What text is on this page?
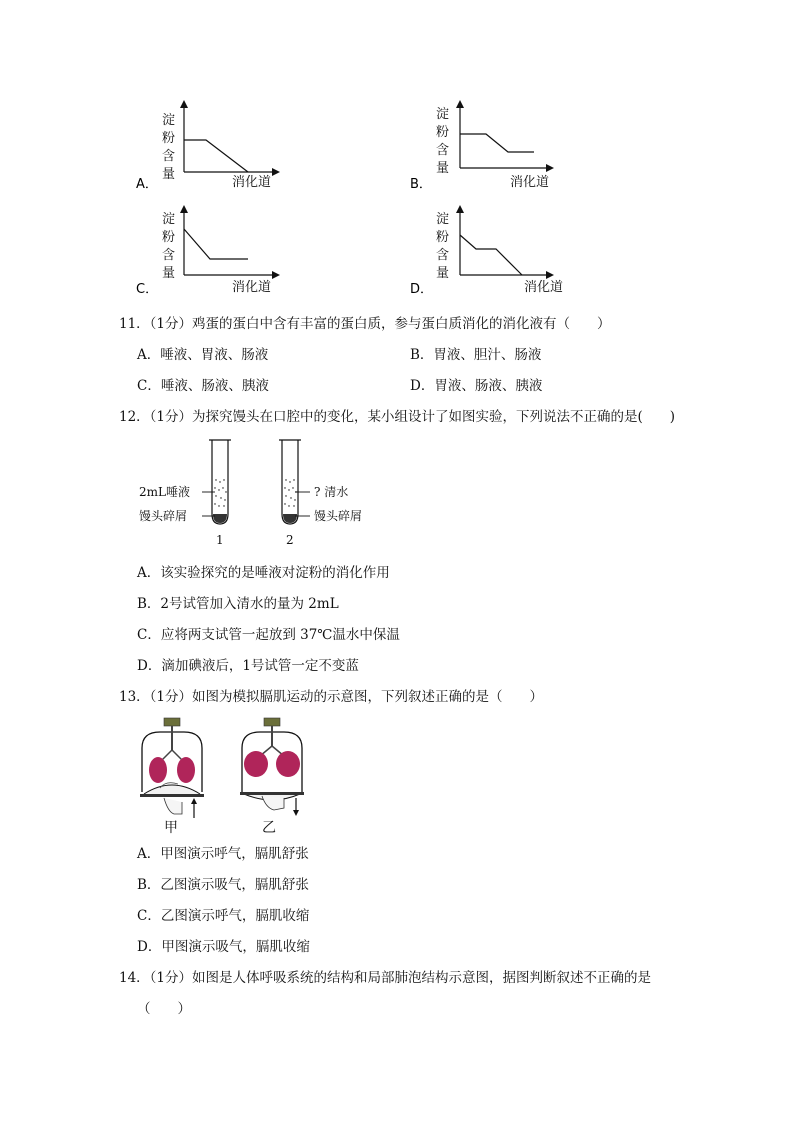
淀
粉
含
量
消化道
A．
淀
粉
含
量
消化道
B．
淀
粉
含
量
消化道
C．
淀
粉
含
量
消化道
D．
11．（1分）鸡蛋的蛋白中含有丰富的蛋白质，参与蛋白质消化的消化液有（　　）
A．唾液、胃液、肠液	B．胃液、胆汁、肠液
C．唾液、肠液、胰液	D．胃液、肠液、胰液
12．（1分）为探究馒头在口腔中的变化，某小组设计了如图实验，下列说法不正确的是(　　)
2mL唾液
馒头碎屑
? 清水
馒头碎屑
1	2
A．该实验探究的是唾液对淀粉的消化作用
B．2号试管加入清水的量为 2mL
C．应将两支试管一起放到 37℃温水中保温
D．滴加碘液后，1号试管一定不变蓝
13．（1分）如图为模拟膈肌运动的示意图，下列叙述正确的是（　　）
甲	乙
A．甲图演示呼气，膈肌舒张
B．乙图演示吸气，膈肌舒张
C．乙图演示呼气，膈肌收缩
D．甲图演示吸气，膈肌收缩
14．（1分）如图是人体呼吸系统的结构和局部肺泡结构示意图，据图判断叙述不正确的是
（　　）
